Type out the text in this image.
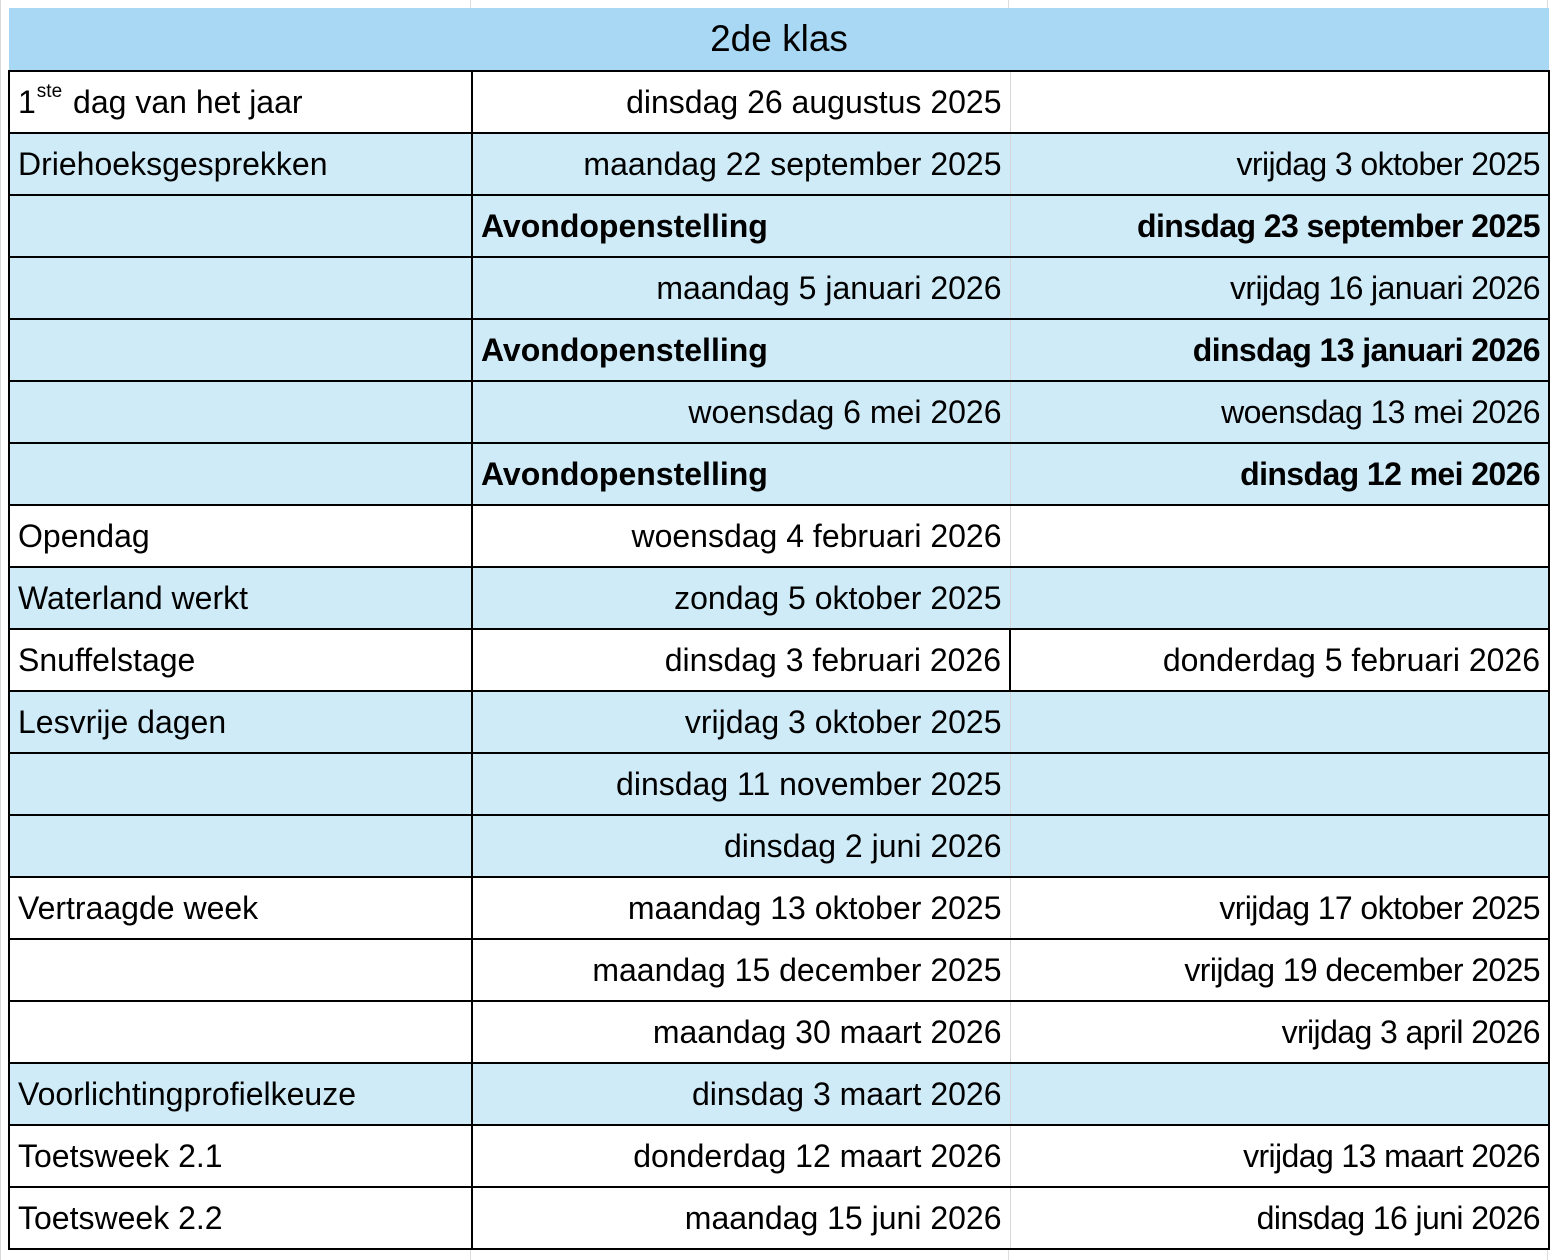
2de klas		
1ste dag van het jaar	dinsdag 26 augustus 2025	
Driehoeksgesprekken	maandag 22 september 2025	vrijdag 3 oktober 2025
	Avondopenstelling	dinsdag 23 september 2025
	maandag 5 januari 2026	vrijdag 16 januari 2026
	Avondopenstelling	dinsdag 13 januari 2026
	woensdag 6 mei 2026	woensdag 13 mei 2026
	Avondopenstelling	dinsdag 12 mei 2026
Opendag	woensdag 4 februari 2026	
Waterland werkt	zondag 5 oktober 2025	
Snuffelstage	dinsdag 3 februari 2026	donderdag 5 februari 2026
Lesvrije dagen	vrijdag 3 oktober 2025	
	dinsdag 11 november 2025	
	dinsdag 2 juni 2026	
Vertraagde week	maandag 13 oktober 2025	vrijdag 17 oktober 2025
	maandag 15 december 2025	vrijdag 19 december 2025
	maandag 30 maart 2026	vrijdag 3 april 2026
Voorlichtingprofielkeuze	dinsdag 3 maart 2026	
Toetsweek 2.1	donderdag 12 maart 2026	vrijdag 13 maart 2026
Toetsweek 2.2	maandag 15 juni 2026	dinsdag 16 juni 2026
